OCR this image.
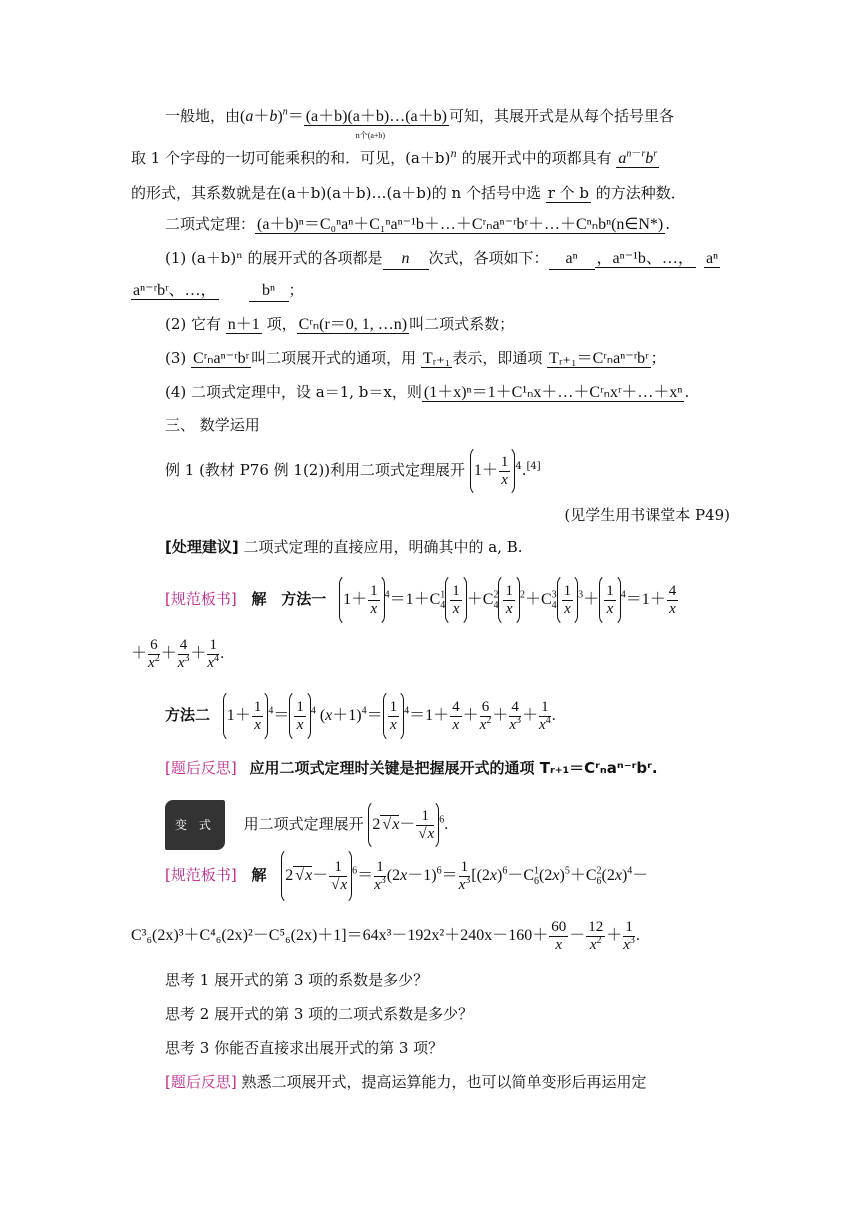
一般地，由$(a+b)^n=$ (a＋b)(a＋b)…(a＋b)
n个(a+b)
可知，其展开式是从每个括号里各
取 1 个字母的一切可能乘积的和．可见，$(a+b)^n$ 的展开式中的项都具有 $a^{n-r}b^r$
的形式，其系数就是在(a＋b)(a＋b)…(a＋b)的 n 个括号中选 r 个 b 的方法种数．
二项式定理： (a＋b)ⁿ＝C₀ⁿaⁿ＋C₁ⁿaⁿ⁻¹b＋…＋Cʳₙaⁿ⁻ʳbʳ＋…＋Cⁿₙbⁿ(n∈N*) .
(1) (a＋b)ⁿ 的展开式的各项都是 n 次式，各项如下： aⁿ ，aⁿ⁻¹b、…， aⁿ
aⁿ⁻ʳbʳ、…，	bⁿ ；
(2) 它有 n＋1 项， Cʳₙ(r＝0, 1, …n) 叫二项式系数；
(3) Cʳₙaⁿ⁻ʳbʳ 叫二项展开式的通项，用 Tᵣ₊₁ 表示，即通项 Tᵣ₊₁＝Cʳₙaⁿ⁻ʳbʳ ；
(4) 二项式定理中，设 a＝1, b＝x，则 (1＋x)ⁿ＝1＋C¹ₙx＋…＋Cʳₙxʳ＋…＋xⁿ .
三、 数学运用
例 1 (教材 P76 例 1(2))利用二项式定理展开 $1+ \frac{1}{x} ^4.[4]$
(见学生用书课堂本 P49)
[处理建议] 二项式定理的直接应用，明确其中的 a, B.
[规范板书] 解 方法一 $1+ \frac{1}{x} ^4=1+C^1_4 \frac{1}{x} +C^2_4 \frac{1}{x} ^2+C^3_4 \frac{1}{x} ^3+ \frac{1}{x} ^4=1+ \frac{4}{x}$
＋ $\frac{6}{x^2} + \frac{4}{x^3} + \frac{1}{x^4}$ .
方法二 $1+ \frac{1}{x} ^4= \frac{1}{x} ^4$ $(x+1)^4= \frac{1}{x} ^4=1+ \frac{4}{x} + \frac{6}{x^2} + \frac{4}{x^3} + \frac{1}{x^4}$ .
[题后反思] 应用二项式定理时关键是把握展开式的通项 Tᵣ₊₁＝Cʳₙaⁿ⁻ʳbʳ.
变 式 用二项式定理展开 2 √ x－ 1
√ x $^6$.
[规范板书] 解 2 √ x－ 1
√ x $^6= \frac{1}{x^3} (2x-1)^6= \frac{1}{x^3} [(2x)^6-C^1_6(2x)^5+C^2_6(2x)^4-$
$C^3_6(2x)^3+C^4_6(2x)^2-C^5_6(2x)+1]=64x^3-192x^2+240x-160+ \frac{60}{x} - \frac{12}{x^2} + \frac{1}{x^3}$ .
思考 1 展开式的第 3 项的系数是多少？
思考 2 展开式的第 3 项的二项式系数是多少？
思考 3 你能否直接求出展开式的第 3 项？
[题后反思] 熟悉二项展开式，提高运算能力，也可以简单变形后再运用定
